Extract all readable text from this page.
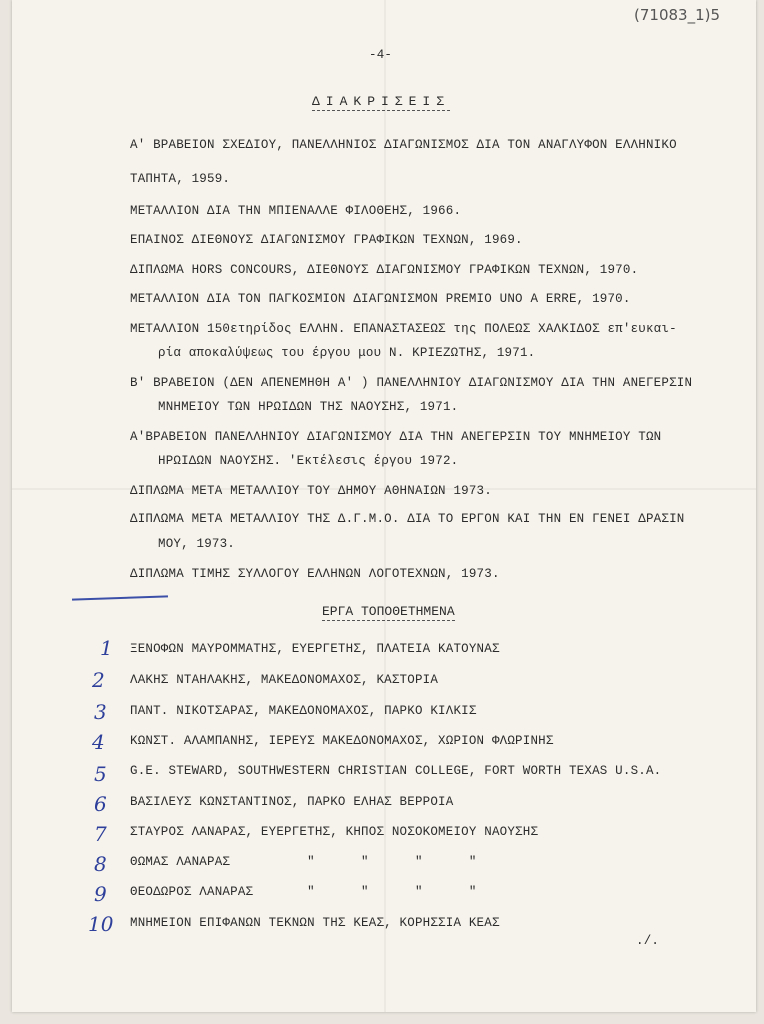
(71083_1)5
-4-
ΔΙΑΚΡΙΣΕΙΣ
Α' ΒΡΑΒΕΙΟΝ ΣΧΕΔΙΟΥ, ΠΑΝΕΛΛΗΝΙΟΣ ΔΙΑΓΩΝΙΣΜΟΣ ΔΙΑ ΤΟΝ ΑΝΑΓΛΥΦΟΝ ΕΛΛΗΝΙΚΟ
ΤΑΠΗΤΑ, 1959.
ΜΕΤΑΛΛΙΟΝ ΔΙΑ ΤΗΝ ΜΠΙΕΝΑΛΛΕ ΦΙΛΟΘΕΗΣ, 1966.
ΕΠΑΙΝΟΣ ΔΙΕΘΝΟΥΣ ΔΙΑΓΩΝΙΣΜΟΥ ΓΡΑΦΙΚΩΝ ΤΕΧΝΩΝ, 1969.
ΔΙΠΛΩΜΑ HORS CONCOURS, ΔΙΕΘΝΟΥΣ ΔΙΑΓΩΝΙΣΜΟΥ ΓΡΑΦΙΚΩΝ ΤΕΧΝΩΝ, 1970.
ΜΕΤΑΛΛΙΟΝ ΔΙΑ ΤΟΝ ΠΑΓΚΟΣΜΙΟΝ ΔΙΑΓΩΝΙΣΜΟΝ PREMIO UNO A ERRE, 1970.
ΜΕΤΑΛΛΙΟΝ 150ετηρίδος ΕΛΛΗΝ. ΕΠΑΝΑΣΤΑΣΕΩΣ της ΠΟΛΕΩΣ ΧΑΛΚΙΔΟΣ επ'ευκαι-
ρία αποκαλύψεως του έργου μου Ν. ΚΡΙΕΖΩΤΗΣ, 1971.
Β' ΒΡΑΒΕΙΟΝ (ΔΕΝ ΑΠΕΝΕΜΗΘΗ Α' ) ΠΑΝΕΛΛΗΝΙΟΥ ΔΙΑΓΩΝΙΣΜΟΥ ΔΙΑ ΤΗΝ ΑΝΕΓΕΡΣΙΝ
ΜΝΗΜΕΙΟΥ ΤΩΝ ΗΡΩΙΔΩΝ ΤΗΣ ΝΑΟΥΣΗΣ, 1971.
Α'ΒΡΑΒΕΙΟΝ ΠΑΝΕΛΛΗΝΙΟΥ ΔΙΑΓΩΝΙΣΜΟΥ ΔΙΑ ΤΗΝ ΑΝΕΓΕΡΣΙΝ ΤΟΥ ΜΝΗΜΕΙΟΥ ΤΩΝ
ΗΡΩΙΔΩΝ ΝΑΟΥΣΗΣ. 'Εκτέλεσις έργου 1972.
ΔΙΠΛΩΜΑ ΜΕΤΑ ΜΕΤΑΛΛΙΟΥ ΤΟΥ ΔΗΜΟΥ ΑΘΗΝΑΙΩΝ 1973.
ΔΙΠΛΩΜΑ ΜΕΤΑ ΜΕΤΑΛΛΙΟΥ ΤΗΣ Δ.Γ.Μ.Ο. ΔΙΑ ΤΟ ΕΡΓΟΝ ΚΑΙ ΤΗΝ ΕΝ ΓΕΝΕΙ ΔΡΑΣΙΝ
ΜΟΥ, 1973.
ΔΙΠΛΩΜΑ ΤΙΜΗΣ ΣΥΛΛΟΓΟΥ ΕΛΛΗΝΩΝ ΛΟΓΟΤΕΧΝΩΝ, 1973.
ΕΡΓΑ ΤΟΠΟΘΕΤΗΜΕΝΑ
1 ΞΕΝΟΦΩΝ ΜΑΥΡΟΜΜΑΤΗΣ, ΕΥΕΡΓΕΤΗΣ, ΠΛΑΤΕΙΑ ΚΑΤΟΥΝΑΣ
2 ΛΑΚΗΣ ΝΤΑΗΛΑΚΗΣ, ΜΑΚΕΔΟΝΟΜΑΧΟΣ, ΚΑΣΤΟΡΙΑ
3 ΠΑΝΤ. ΝΙΚΟΤΣΑΡΑΣ, ΜΑΚΕΔΟΝΟΜΑΧΟΣ, ΠΑΡΚΟ ΚΙΛΚΙΣ
4 ΚΩΝΣΤ. ΑΛΑΜΠΑΝΗΣ, ΙΕΡΕΥΣ ΜΑΚΕΔΟΝΟΜΑΧΟΣ, ΧΩΡΙΟΝ ΦΛΩΡΙΝΗΣ
5 G.E. STEWARD, SOUTHWESTERN CHRISTIAN COLLEGE, FORT WORTH TEXAS U.S.A.
6 ΒΑΣΙΛΕΥΣ ΚΩΝΣΤΑΝΤΙΝΟΣ, ΠΑΡΚΟ ΕΛΗΑΣ ΒΕΡΡΟΙΑ
7 ΣΤΑΥΡΟΣ ΛΑΝΑΡΑΣ, ΕΥΕΡΓΕΤΗΣ, ΚΗΠΟΣ ΝΟΣΟΚΟΜΕΙΟΥ ΝΑΟΥΣΗΣ
8 ΘΩΜΑΣ ΛΑΝΑΡΑΣ          "      "      "      "
9 ΘΕΟΔΩΡΟΣ ΛΑΝΑΡΑΣ       "      "      "      "
10 ΜΝΗΜΕΙΟΝ ΕΠΙΦΑΝΩΝ ΤΕΚΝΩΝ ΤΗΣ ΚΕΑΣ, ΚΟΡΗΣΣΙΑ ΚΕΑΣ
./.
